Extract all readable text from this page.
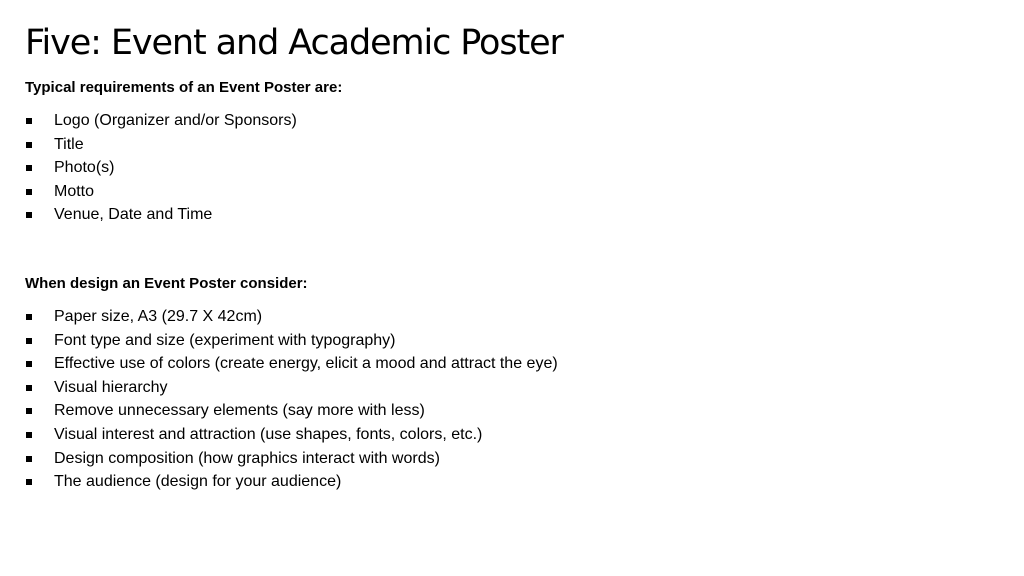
Five: Event and Academic Poster

Typical requirements of an Event Poster are:

Logo (Organizer and/or Sponsors)
Title
Photo(s)
Motto
Venue, Date and Time

When design an Event Poster consider:

Paper size, A3 (29.7 X 42cm)
Font type and size (experiment with typography)
Effective use of colors (create energy, elicit a mood and attract the eye)
Visual hierarchy
Remove unnecessary elements (say more with less)
Visual interest and attraction (use shapes, fonts, colors, etc.)
Design composition (how graphics interact with words)
The audience (design for your audience)
